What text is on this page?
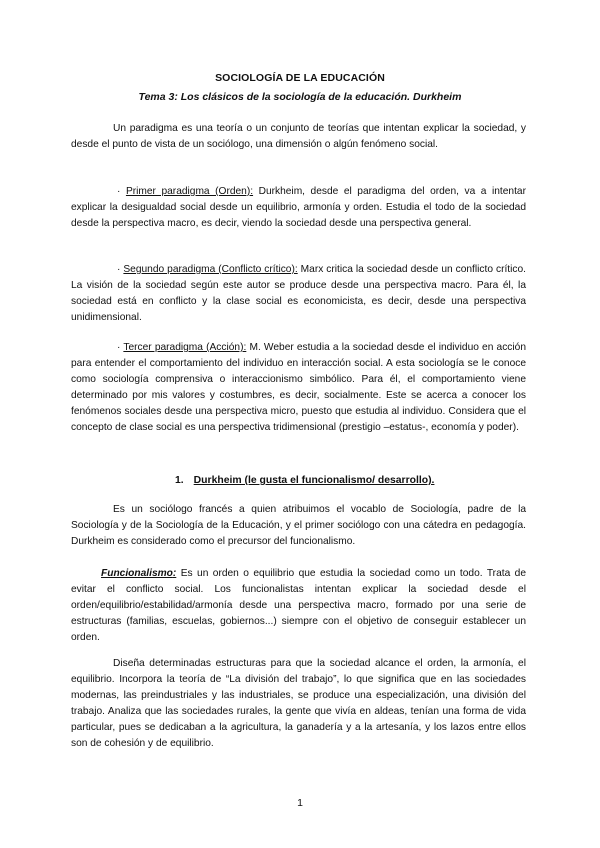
SOCIOLOGÍA DE LA EDUCACIÓN
Tema 3: Los clásicos de la sociología de la educación. Durkheim

Un paradigma es una teoría o un conjunto de teorías que intentan explicar la sociedad, y desde el punto de vista de un sociólogo, una dimensión o algún fenómeno social.

· Primer paradigma (Orden): Durkheim, desde el paradigma del orden, va a intentar explicar la desigualdad social desde un equilibrio, armonía y orden. Estudia el todo de la sociedad desde la perspectiva macro, es decir, viendo la sociedad desde una perspectiva general.

· Segundo paradigma (Conflicto crítico): Marx critica la sociedad desde un conflicto crítico. La visión de la sociedad según este autor se produce desde una perspectiva macro. Para él, la sociedad está en conflicto y la clase social es economicista, es decir, desde una perspectiva unidimensional.

· Tercer paradigma (Acción): M. Weber estudia a la sociedad desde el individuo en acción para entender el comportamiento del individuo en interacción social. A esta sociología se le conoce como sociología comprensiva o interaccionismo simbólico. Para él, el comportamiento viene determinado por mis valores y costumbres, es decir, socialmente. Este se acerca a conocer los fenómenos sociales desde una perspectiva micro, puesto que estudia al individuo. Considera que el concepto de clase social es una perspectiva tridimensional (prestigio –estatus-, economía y poder).

1. Durkheim (le gusta el funcionalismo/ desarrollo).

Es un sociólogo francés a quien atribuimos el vocablo de Sociología, padre de la Sociología y de la Sociología de la Educación, y el primer sociólogo con una cátedra en pedagogía. Durkheim es considerado como el precursor del funcionalismo.

Funcionalismo: Es un orden o equilibrio que estudia la sociedad como un todo. Trata de evitar el conflicto social. Los funcionalistas intentan explicar la sociedad desde el orden/equilibrio/estabilidad/armonía desde una perspectiva macro, formado por una serie de estructuras (familias, escuelas, gobiernos...) siempre con el objetivo de conseguir establecer un orden.

Diseña determinadas estructuras para que la sociedad alcance el orden, la armonía, el equilibrio. Incorpora la teoría de “La división del trabajo”, lo que significa que en las sociedades modernas, las preindustriales y las industriales, se produce una especialización, una división del trabajo. Analiza que las sociedades rurales, la gente que vivía en aldeas, tenían una forma de vida particular, pues se dedicaban a la agricultura, la ganadería y a la artesanía, y los lazos entre ellos son de cohesión y de equilibrio.

1
